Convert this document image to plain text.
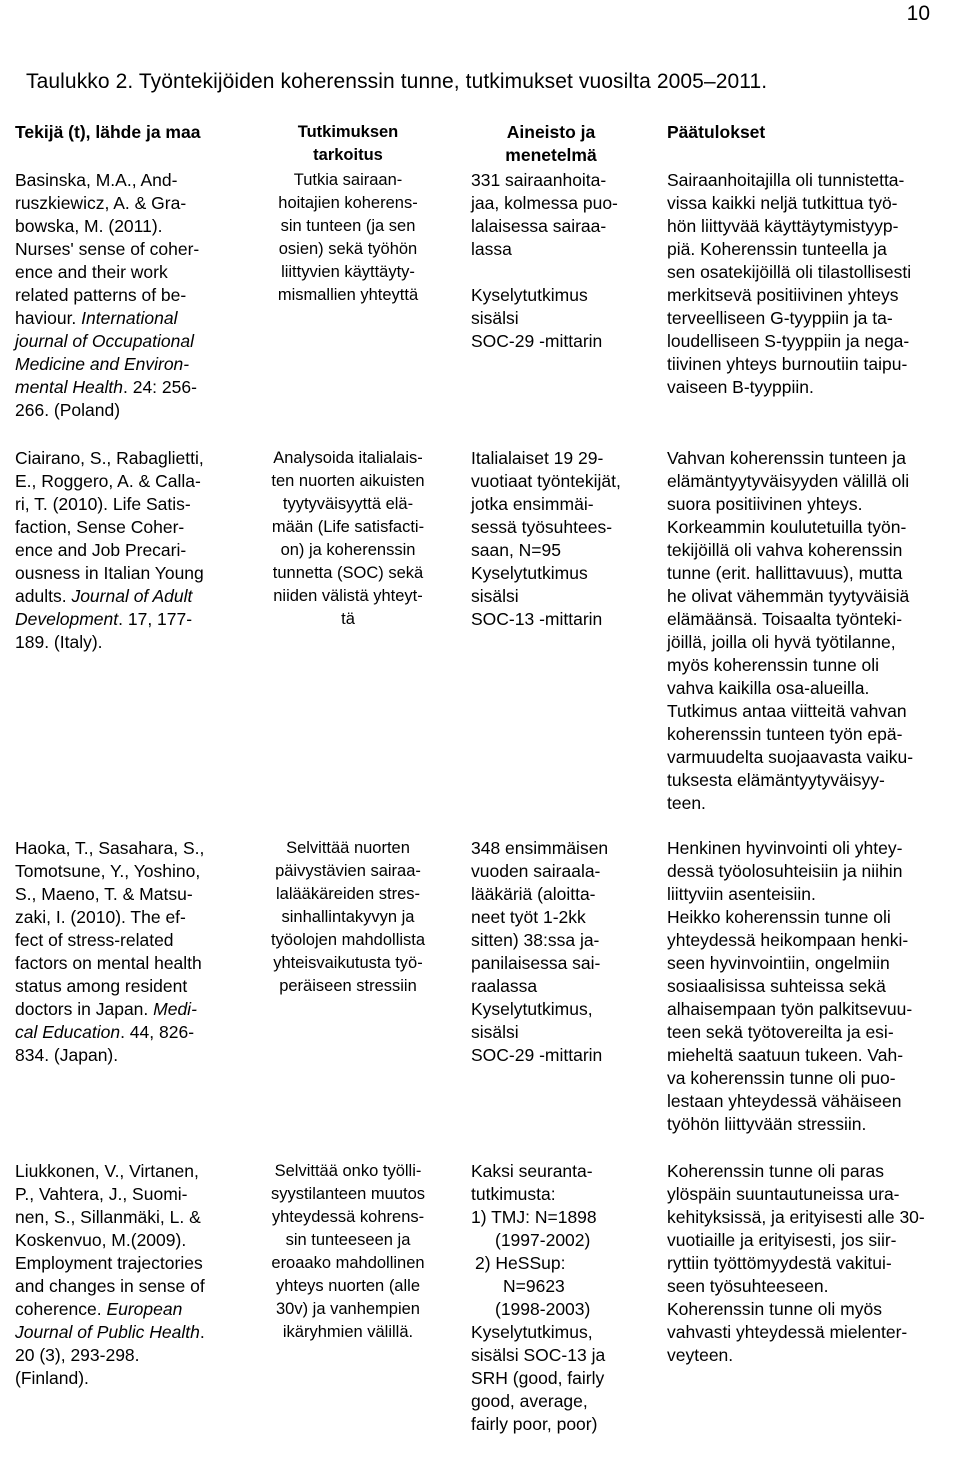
10
Taulukko 2. Työntekijöiden koherenssin tunne, tutkimukset vuosilta 2005–2011.
Tekijä (t), lähde ja maa	Tutkimuksen
tarkoitus
Aineisto ja
menetelmä
Päätulokset
Basinska, M.A., And-
ruszkiewicz, A. & Gra-
bowska, M. (2011).
Nurses' sense of coher-
ence and their work
related patterns of be-
haviour. International
journal of Occupational
Medicine and Environ-
mental Health. 24: 256-
266. (Poland)
Tutkia sairaan-
hoitajien koherens-
sin tunteen (ja sen
osien) sekä työhön
liittyvien käyttäyty-
mismallien yhteyttä
331 sairaanhoita-
jaa, kolmessa puo-
lalaisessa sairaa-
lassa

Kyselytutkimus
sisälsi
SOC-29 -mittarin
Sairaanhoitajilla oli tunnistetta-
vissa kaikki neljä tutkittua työ-
hön liittyvää käyttäytymistyyp-
piä. Koherenssin tunteella ja
sen osatekijöillä oli tilastollisesti
merkitsevä positiivinen yhteys
terveelliseen G-tyyppiin ja ta-
loudelliseen S-tyyppiin ja nega-
tiivinen yhteys burnoutiin taipu-
vaiseen B-tyyppiin.
Ciairano, S., Rabaglietti,
E., Roggero, A. & Calla-
ri, T. (2010). Life Satis-
faction, Sense Coher-
ence and Job Precari-
ousness in Italian Young
adults. Journal of Adult
Development. 17, 177-
189. (Italy).
Analysoida italialais-
ten nuorten aikuisten
tyytyväisyyttä elä-
mään (Life satisfacti-
on) ja koherenssin
tunnetta (SOC) sekä
niiden välistä yhteyt-
tä
Italialaiset 19 29-
vuotiaat työntekijät,
jotka ensimmäi-
sessä työsuhtees-
saan, N=95
Kyselytutkimus
sisälsi
SOC-13 -mittarin
Vahvan koherenssin tunteen ja
elämäntyytyväisyyden välillä oli
suora positiivinen yhteys.
Korkeammin koulutetuilla työn-
tekijöillä oli vahva koherenssin
tunne (erit. hallittavuus), mutta
he olivat vähemmän tyytyväisiä
elämäänsä. Toisaalta työnteki-
jöillä, joilla oli hyvä työtilanne,
myös koherenssin tunne oli
vahva kaikilla osa-alueilla.
Tutkimus antaa viitteitä vahvan
koherenssin tunteen työn epä-
varmuudelta suojaavasta vaiku-
tuksesta elämäntyytyväisyy-
teen.
Haoka, T., Sasahara, S.,
Tomotsune, Y., Yoshino,
S., Maeno, T. & Matsu-
zaki, I. (2010). The ef-
fect of stress-related
factors on mental health
status among resident
doctors in Japan. Medi-
cal Education. 44, 826-
834. (Japan).
Selvittää nuorten
päivystävien sairaa-
lalääkäreiden stres-
sinhallintakyvyn ja
työolojen mahdollista
yhteisvaikutusta työ-
peräiseen stressiin
348 ensimmäisen
vuoden sairaala-
lääkäriä (aloitta-
neet työt 1-2kk
sitten) 38:ssa ja-
panilaisessa sai-
raalassa
Kyselytutkimus,
sisälsi
SOC-29 -mittarin
Henkinen hyvinvointi oli yhtey-
dessä työolosuhteisiin ja niihin
liittyviin asenteisiin.
Heikko koherenssin tunne oli
yhteydessä heikompaan henki-
seen hyvinvointiin, ongelmiin
sosiaalisissa suhteissa sekä
alhaisempaan työn palkitsevuu-
teen sekä työtovereilta ja esi-
mieheltä saatuun tukeen. Vah-
va koherenssin tunne oli puo-
lestaan yhteydessä vähäiseen
työhön liittyvään stressiin.
Liukkonen, V., Virtanen,
P., Vahtera, J., Suomi-
nen, S., Sillanmäki, L. &
Koskenvuo, M.(2009).
Employment trajectories
and changes in sense of
coherence. European
Journal of Public Health.
20 (3), 293-298.
(Finland).
Selvittää onko työlli-
syystilanteen muutos
yhteydessä kohrens-
sin tunteeseen ja
eroaako mahdollinen
yhteys nuorten (alle
30v) ja vanhempien
ikäryhmien välillä.
Kaksi seuranta-
tutkimusta:
1) TMJ: N=1898
(1997-2002)
2) HeSSup:
N=9623
(1998-2003)
Kyselytutkimus,
sisälsi SOC-13 ja
SRH (good, fairly
good, average,
fairly poor, poor)
Koherenssin tunne oli paras
ylöspäin suuntautuneissa ura-
kehityksissä, ja erityisesti alle 30-
vuotiaille ja erityisesti, jos siir-
ryttiin työttömyydestä vakitui-
seen työsuhteeseen.
Koherenssin tunne oli myös
vahvasti yhteydessä mielenter-
veyteen.
